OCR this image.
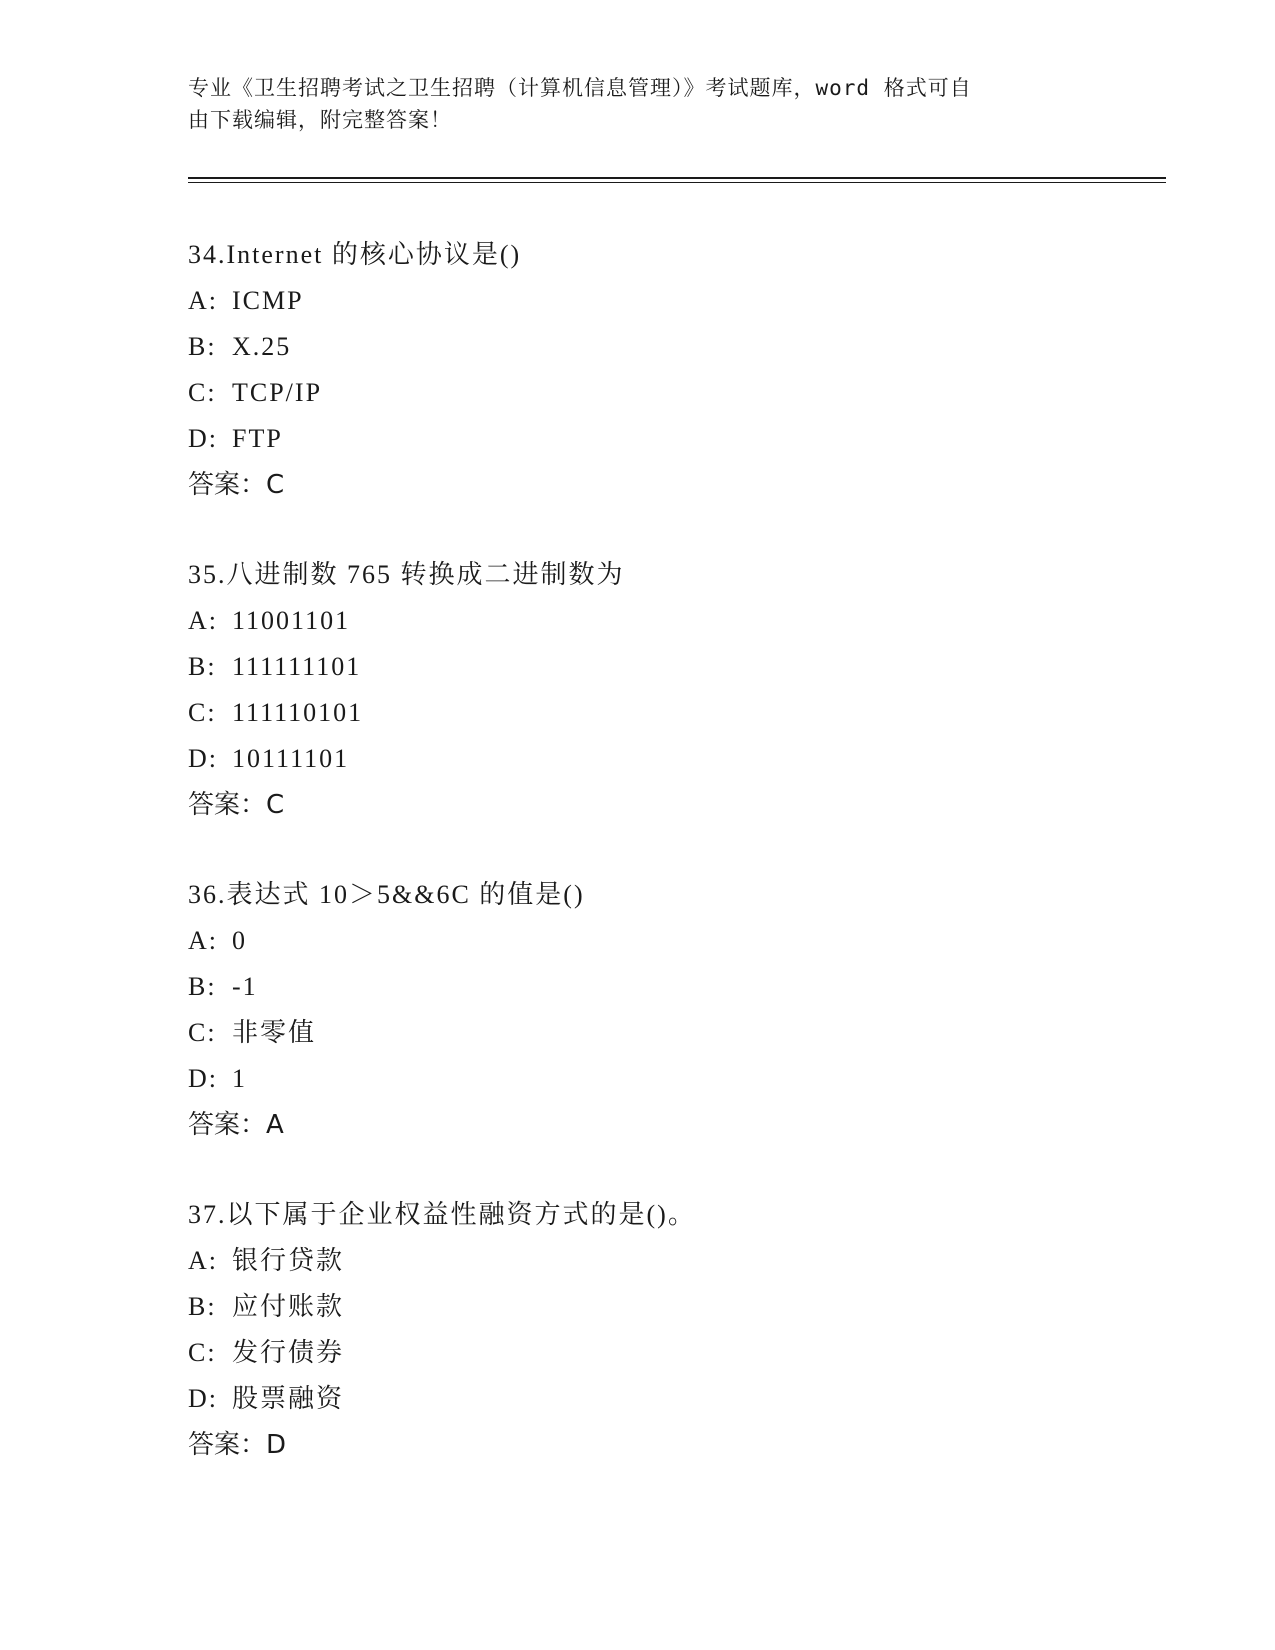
专业《卫生招聘考试之卫生招聘（计算机信息管理）》考试题库，word 格式可自
由下载编辑，附完整答案！
34.Internet 的核心协议是()
A: ICMP
B: X.25
C: TCP/IP
D: FTP
答案：C
35.八进制数 765 转换成二进制数为
A: 11001101
B: 111111101
C: 111110101
D: 10111101
答案：C
36.表达式 10＞5&&6C 的值是()
A: 0
B: -1
C: 非零值
D: 1
答案：A
37.以下属于企业权益性融资方式的是()。
A: 银行贷款
B: 应付账款
C: 发行债券
D: 股票融资
答案：D
